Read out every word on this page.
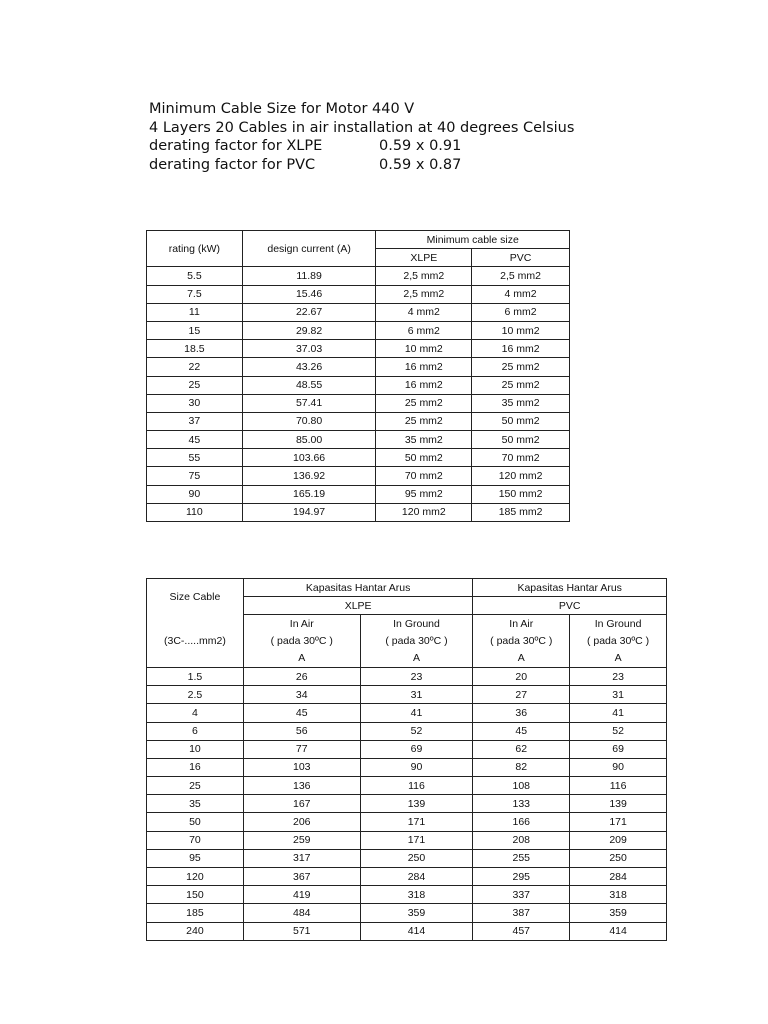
Minimum Cable Size for Motor 440 V
4 Layers 20 Cables in air installation at 40 degrees Celsius
derating factor for XLPE	0.59 x 0.91
derating factor for PVC	0.59 x 0.87
rating (kW)	design current (A)	Minimum cable size	
		XLPE	PVC
5.5	11.89	2,5 mm2	2,5 mm2
7.5	15.46	2,5 mm2	4 mm2
11	22.67	4 mm2	6 mm2
15	29.82	6 mm2	10 mm2
18.5	37.03	10 mm2	16 mm2
22	43.26	16 mm2	25 mm2
25	48.55	16 mm2	25 mm2
30	57.41	25 mm2	35 mm2
37	70.80	25 mm2	50 mm2
45	85.00	35 mm2	50 mm2
55	103.66	50 mm2	70 mm2
75	136.92	70 mm2	120 mm2
90	165.19	95 mm2	150 mm2
110	194.97	120 mm2	185 mm2
Size Cable	Kapasitas Hantar Arus		Kapasitas Hantar Arus	
	XLPE		PVC	
	In Air	In Ground	In Air	In Ground
(3C-.....mm2)	( pada 30ºC )	( pada 30ºC )	( pada 30ºC )	( pada 30ºC )
	A	A	A	A
1.5	26	23	20	23
2.5	34	31	27	31
4	45	41	36	41
6	56	52	45	52
10	77	69	62	69
16	103	90	82	90
25	136	116	108	116
35	167	139	133	139
50	206	171	166	171
70	259	171	208	209
95	317	250	255	250
120	367	284	295	284
150	419	318	337	318
185	484	359	387	359
240	571	414	457	414
